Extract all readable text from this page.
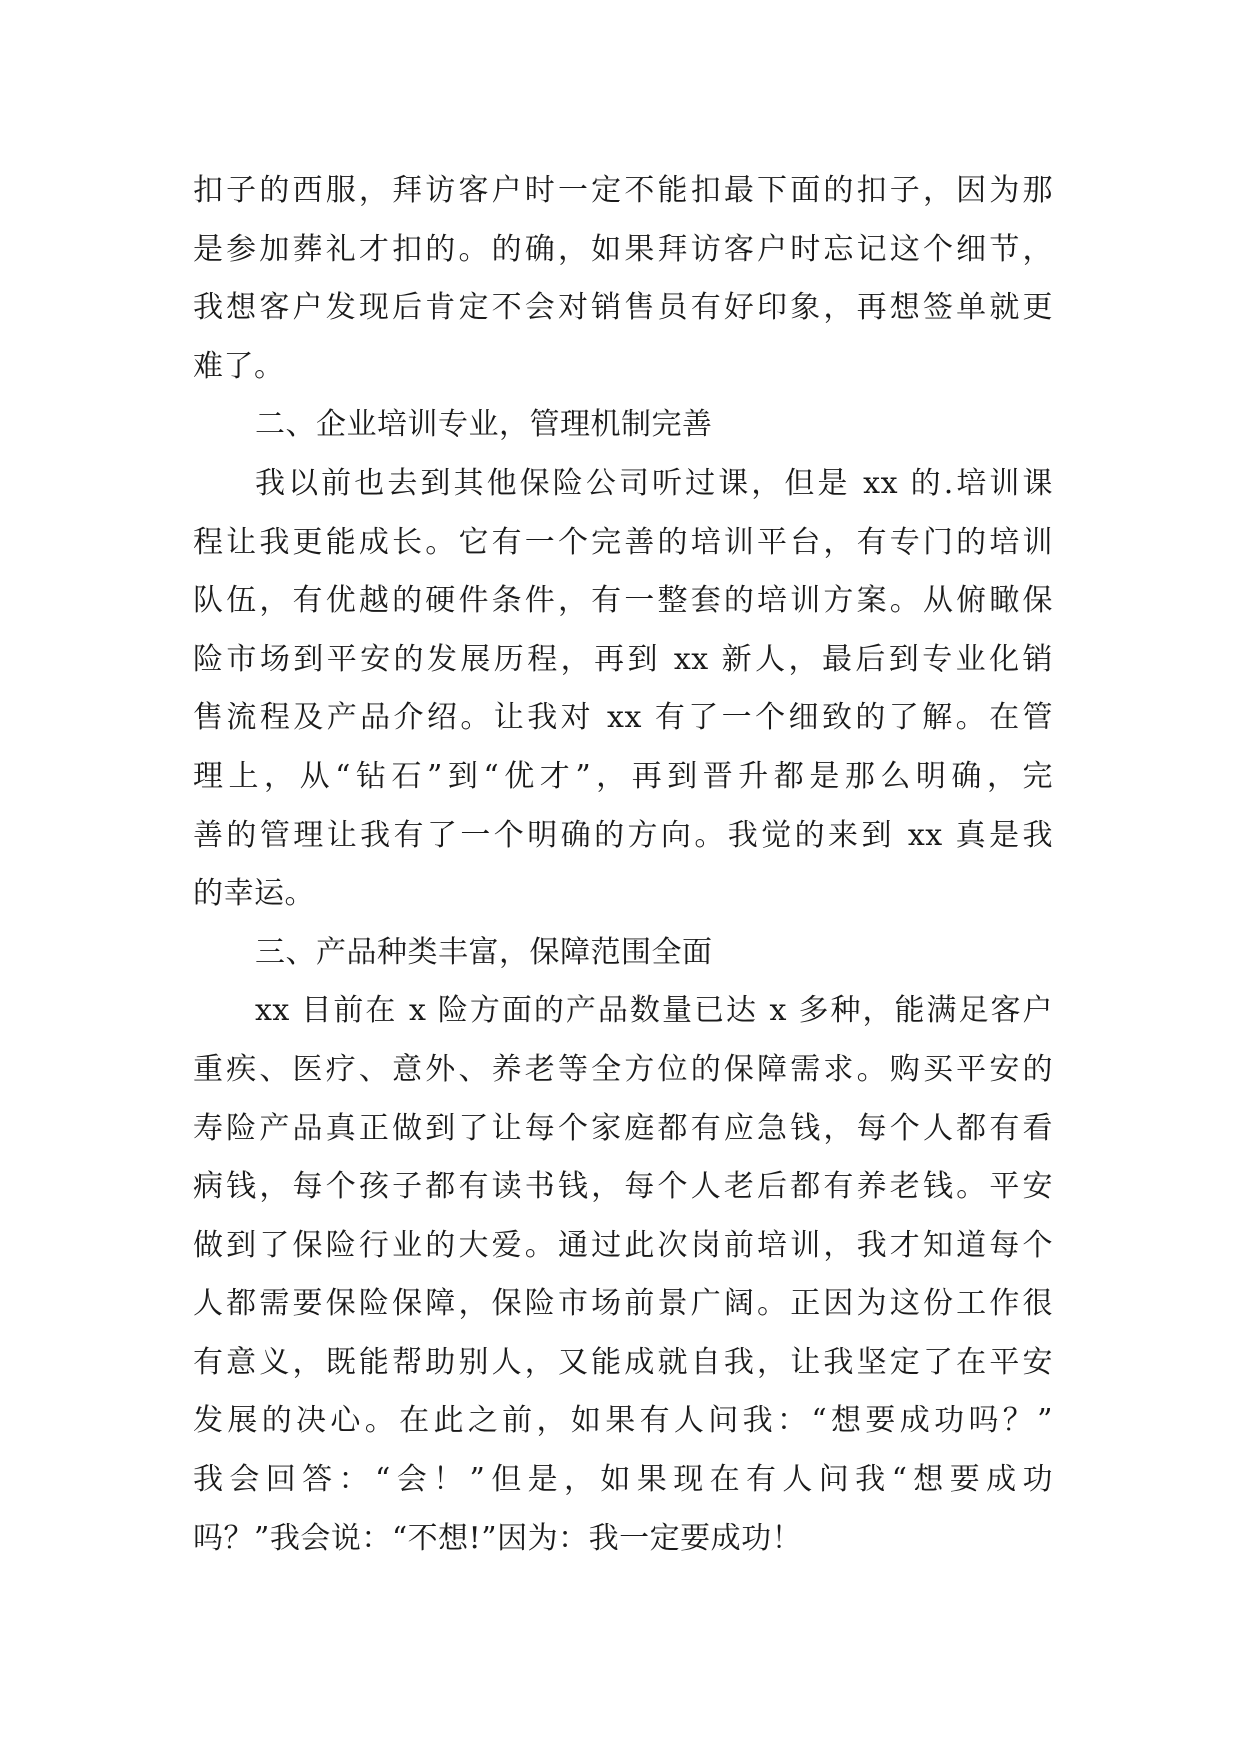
扣子的西服，拜访客户时一定不能扣最下面的扣子，因为那
是参加葬礼才扣的。的确，如果拜访客户时忘记这个细节，
我想客户发现后肯定不会对销售员有好印象，再想签单就更
难了。
二、企业培训专业，管理机制完善
我以前也去到其他保险公司听过课，但是 xx 的.培训课
程让我更能成长。它有一个完善的培训平台，有专门的培训
队伍，有优越的硬件条件，有一整套的培训方案。从俯瞰保
险市场到平安的发展历程，再到 xx 新人，最后到专业化销
售流程及产品介绍。让我对 xx 有了一个细致的了解。在管
理上，从“钻石”到“优才”，再到晋升都是那么明确，完
善的管理让我有了一个明确的方向。我觉的来到 xx 真是我
的幸运。
三、产品种类丰富，保障范围全面
xx 目前在 x 险方面的产品数量已达 x 多种，能满足客户
重疾、医疗、意外、养老等全方位的保障需求。购买平安的
寿险产品真正做到了让每个家庭都有应急钱，每个人都有看
病钱，每个孩子都有读书钱，每个人老后都有养老钱。平安
做到了保险行业的大爱。通过此次岗前培训，我才知道每个
人都需要保险保障，保险市场前景广阔。正因为这份工作很
有意义，既能帮助别人，又能成就自我，让我坚定了在平安
发展的决心。在此之前，如果有人问我：“想要成功吗？”
我会回答：“会！”但是，如果现在有人问我“想要成功
吗？”我会说：“不想!”因为：我一定要成功！
